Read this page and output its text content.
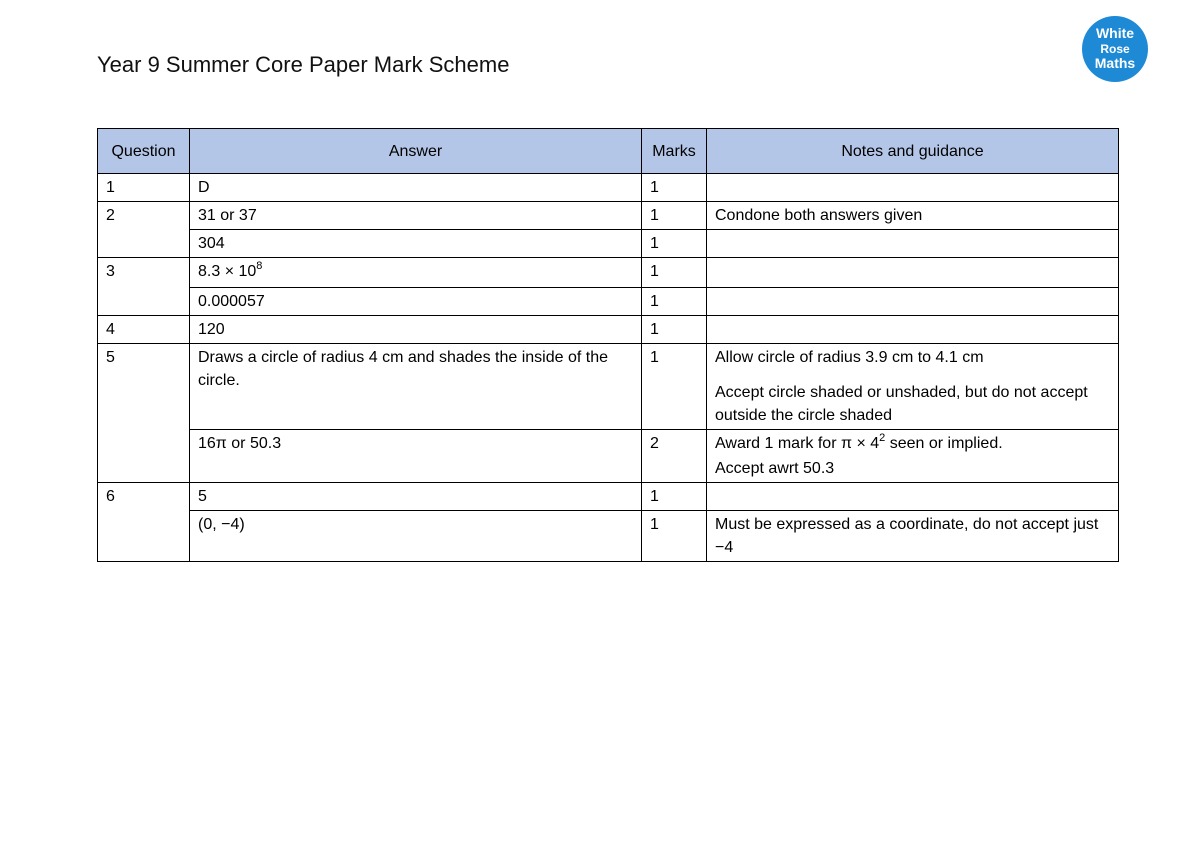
Year 9 Summer Core Paper Mark Scheme
White
Rose
Maths
Question	Answer	Marks	Notes and guidance
1	D	1	
2	31 or 37	1	Condone both answers given
	304	1	
3	$8.3 \times 10^8$	1	
	0.000057	1	
4	120	1	
5	Draws a circle of radius 4 cm and shades the inside of the circle.	1	Allow circle of radius 3.9 cm to 4.1 cm
Accept circle shaded or unshaded, but do not accept outside the circle shaded

	16π or 50.3	2	Award 1 mark for $\pi \times 4^2$ seen or implied.
Accept awrt 50.3

6	5	1	
	(0, −4)	1	Must be expressed as a coordinate, do not accept just −4
